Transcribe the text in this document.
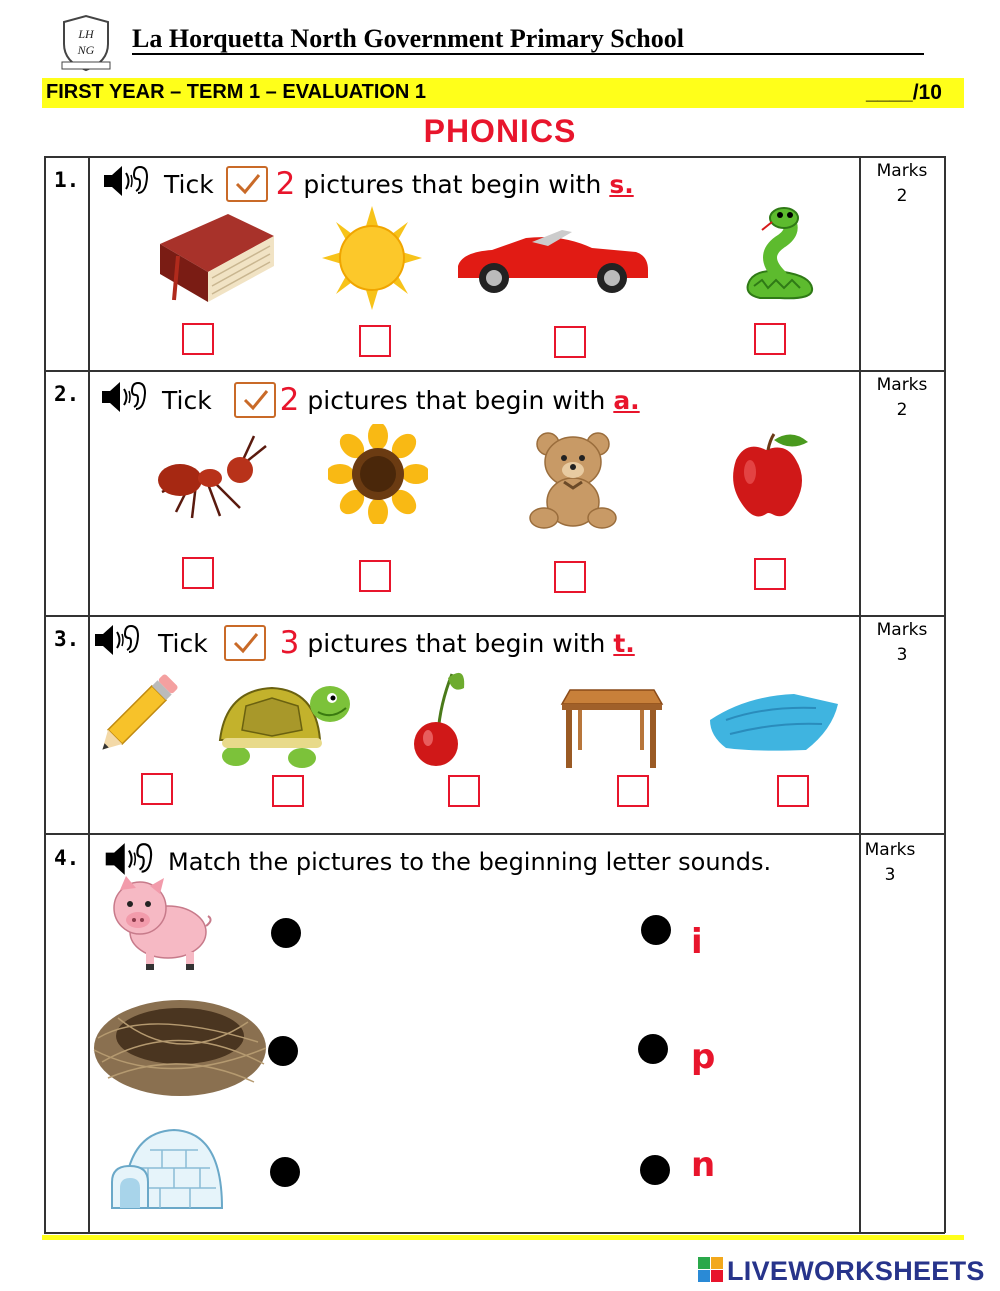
LH
NG La Horquetta North Government Primary School
FIRST YEAR – TERM 1 – EVALUATION 1	____/10
PHONICS
1.	Tick 2 pictures that begin with s.	Marks
2
2.	Tick 2 pictures that begin with a.
Marks
2
3.	Tick 3 pictures that begin with t.	Marks
3
4.	Match the pictures to the beginning letter sounds.	Marks
3
i
p
n
LIVEWORKSHEETS
